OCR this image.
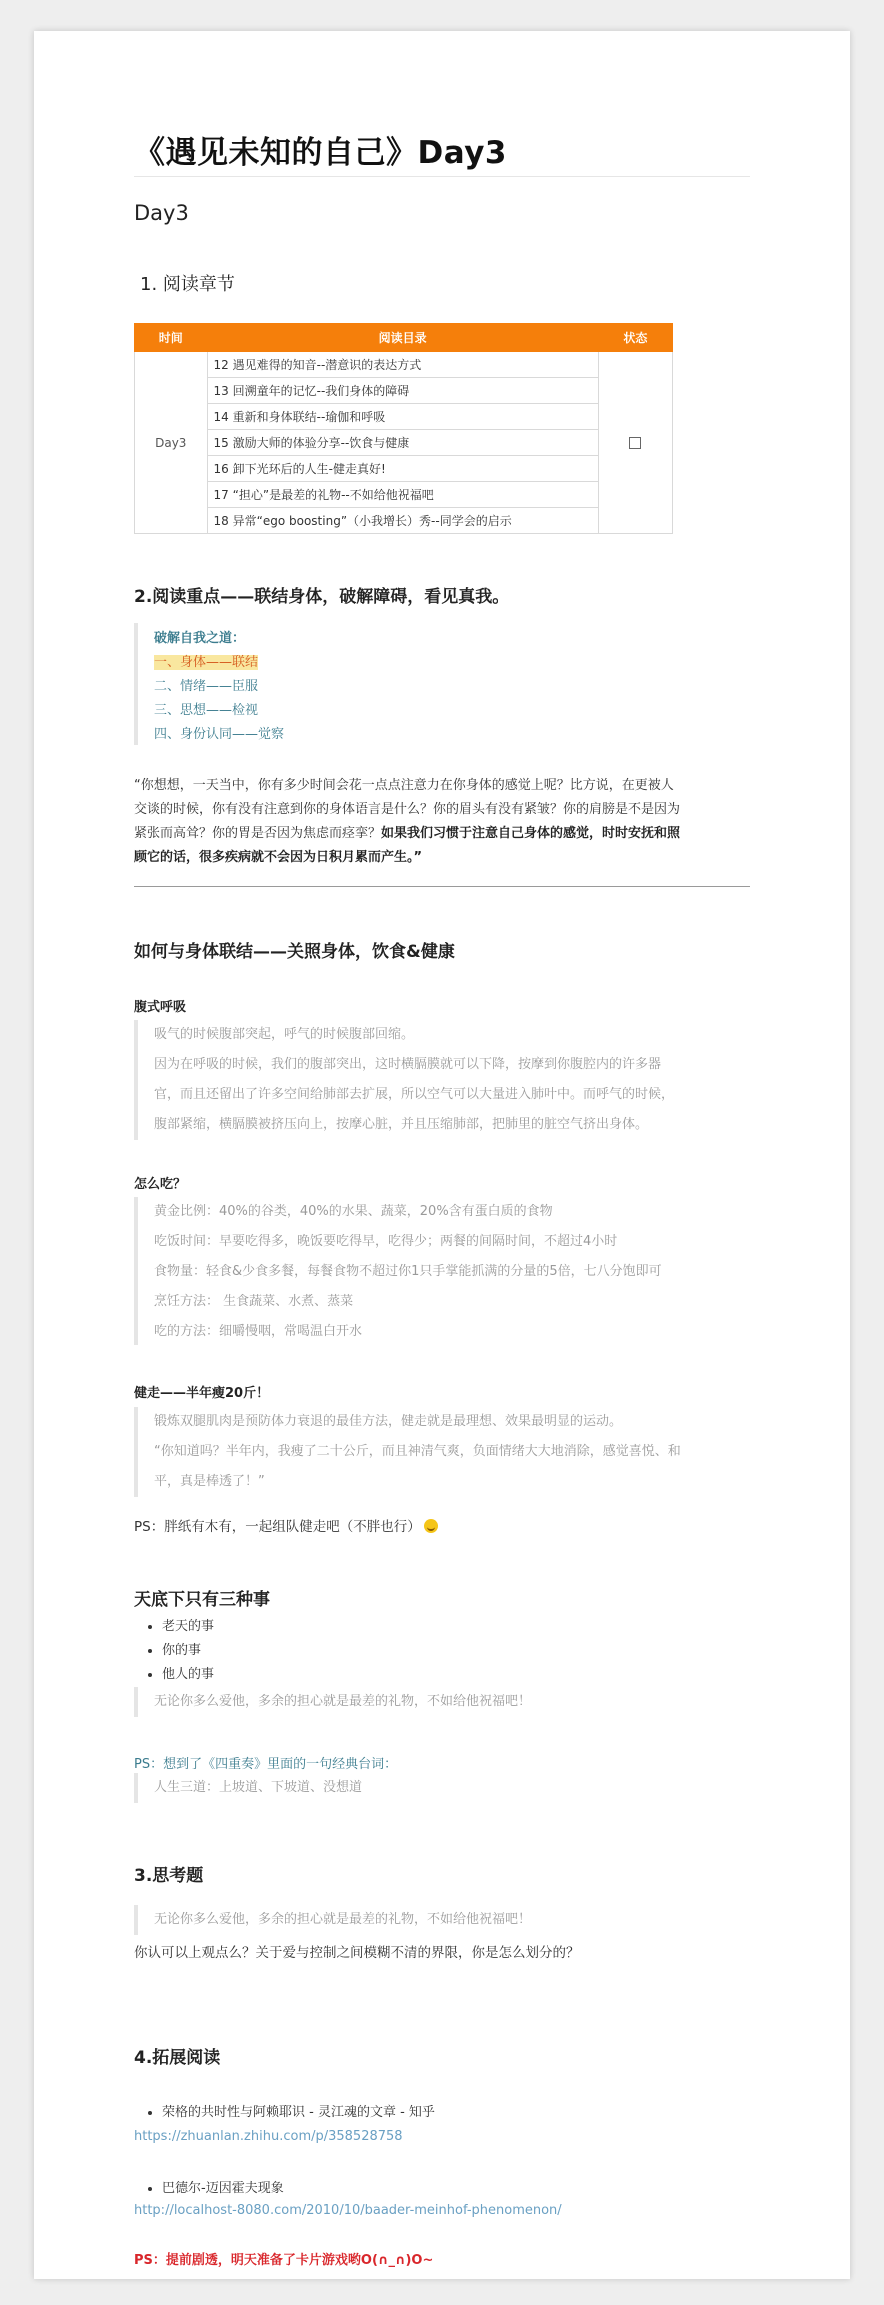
《遇见未知的自己》Day3
Day3
1. 阅读章节
时间	阅读目录	状态
Day3	12 遇见难得的知音--潜意识的表达方式	
	13 回溯童年的记忆--我们身体的障碍	
	14 重新和身体联结--瑜伽和呼吸	
	15 激励大师的体验分享--饮食与健康	
	16 卸下光环后的人生-健走真好!	
	17 “担心”是最差的礼物--不如给他祝福吧	
	18 异常“ego boosting”（小我增长）秀--同学会的启示	
2.阅读重点——联结身体，破解障碍，看见真我。
破解自我之道：
一、身体——联结
二、情绪——臣服
三、思想——检视
四、身份认同——觉察
“你想想，一天当中，你有多少时间会花一点点注意力在你身体的感觉上呢？比方说，在更被人
交谈的时候，你有没有注意到你的身体语言是什么？你的眉头有没有紧皱？你的肩膀是不是因为
紧张而高耸？你的胃是否因为焦虑而痉挛？如果我们习惯于注意自己身体的感觉，时时安抚和照
顾它的话，很多疾病就不会因为日积月累而产生。”
如何与身体联结——关照身体，饮食&健康
腹式呼吸
吸气的时候腹部突起，呼气的时候腹部回缩。
因为在呼吸的时候，我们的腹部突出，这时横膈膜就可以下降，按摩到你腹腔内的许多器
官，而且还留出了许多空间给肺部去扩展，所以空气可以大量进入肺叶中。而呼气的时候，
腹部紧缩，横膈膜被挤压向上，按摩心脏，并且压缩肺部，把肺里的脏空气挤出身体。
怎么吃？
黄金比例：40%的谷类，40%的水果、蔬菜，20%含有蛋白质的食物
吃饭时间：早要吃得多，晚饭要吃得早，吃得少；两餐的间隔时间，不超过4小时
食物量：轻食&少食多餐，每餐食物不超过你1只手掌能抓满的分量的5倍，七八分饱即可
烹饪方法： 生食蔬菜、水煮、蒸菜
吃的方法：细嚼慢咽，常喝温白开水
健走——半年瘦20斤！
锻炼双腿肌肉是预防体力衰退的最佳方法，健走就是最理想、效果最明显的运动。
“你知道吗？半年内，我瘦了二十公斤，而且神清气爽，负面情绪大大地消除，感觉喜悦、和
平，真是棒透了！”
PS：胖纸有木有，一起组队健走吧（不胖也行）
天底下只有三种事
• 老天的事
• 你的事
• 他人的事
无论你多么爱他，多余的担心就是最差的礼物，不如给他祝福吧！
PS：想到了《四重奏》里面的一句经典台词：
人生三道：上坡道、下坡道、没想道
3.思考题
无论你多么爱他，多余的担心就是最差的礼物，不如给他祝福吧！
你认可以上观点么？关于爱与控制之间模糊不清的界限，你是怎么划分的？
4.拓展阅读
• 荣格的共时性与阿赖耶识 - 灵江魂的文章 - 知乎
https://zhuanlan.zhihu.com/p/358528758
• 巴德尔-迈因霍夫现象
http://localhost-8080.com/2010/10/baader-meinhof-phenomenon/
PS：提前剧透，明天准备了卡片游戏哟O(∩_∩)O~
